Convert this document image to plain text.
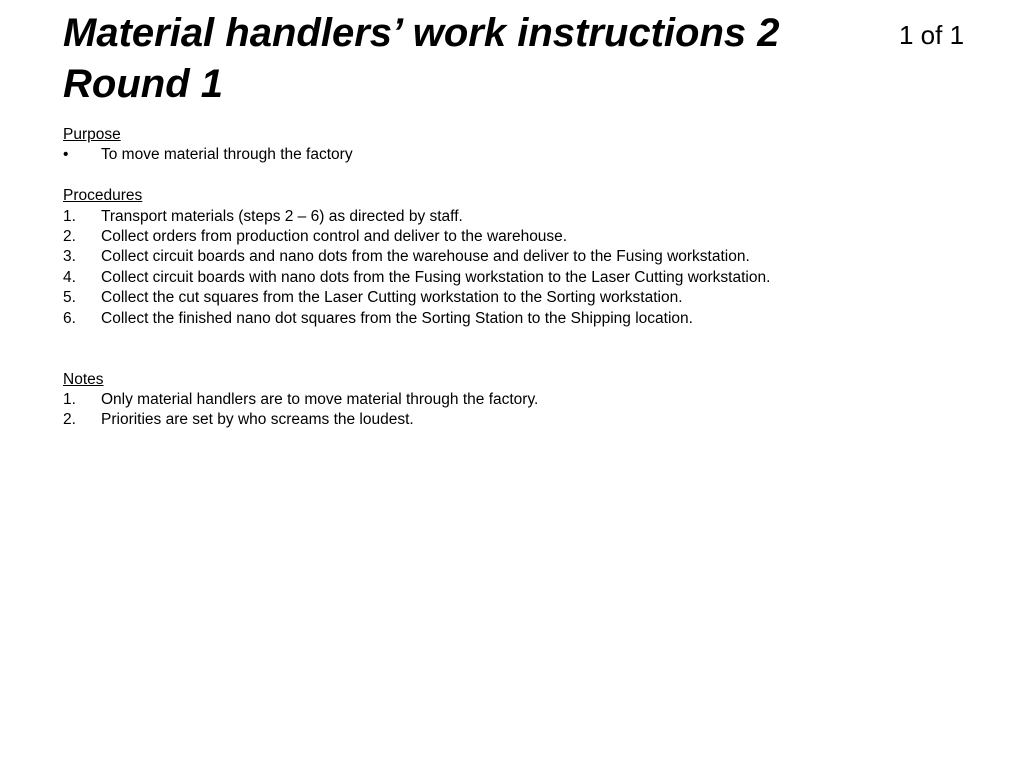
Material handlers’ work instructions 2
Round 1
1 of 1
Purpose
•	To move material through the factory
Procedures
1.	Transport materials (steps 2 – 6) as directed by staff.
2.	Collect orders from production control and deliver to the warehouse.
3.	Collect circuit boards and nano dots from the warehouse and deliver to the Fusing workstation.
4.	Collect circuit boards with nano dots from the Fusing workstation to the Laser Cutting workstation.
5.	Collect the cut squares from the Laser Cutting workstation to the Sorting workstation.
6.	Collect the finished nano dot squares from the Sorting Station to the Shipping location.
Notes
1.	Only material handlers are to move material through the factory.
2.	Priorities are set by who screams the loudest.
